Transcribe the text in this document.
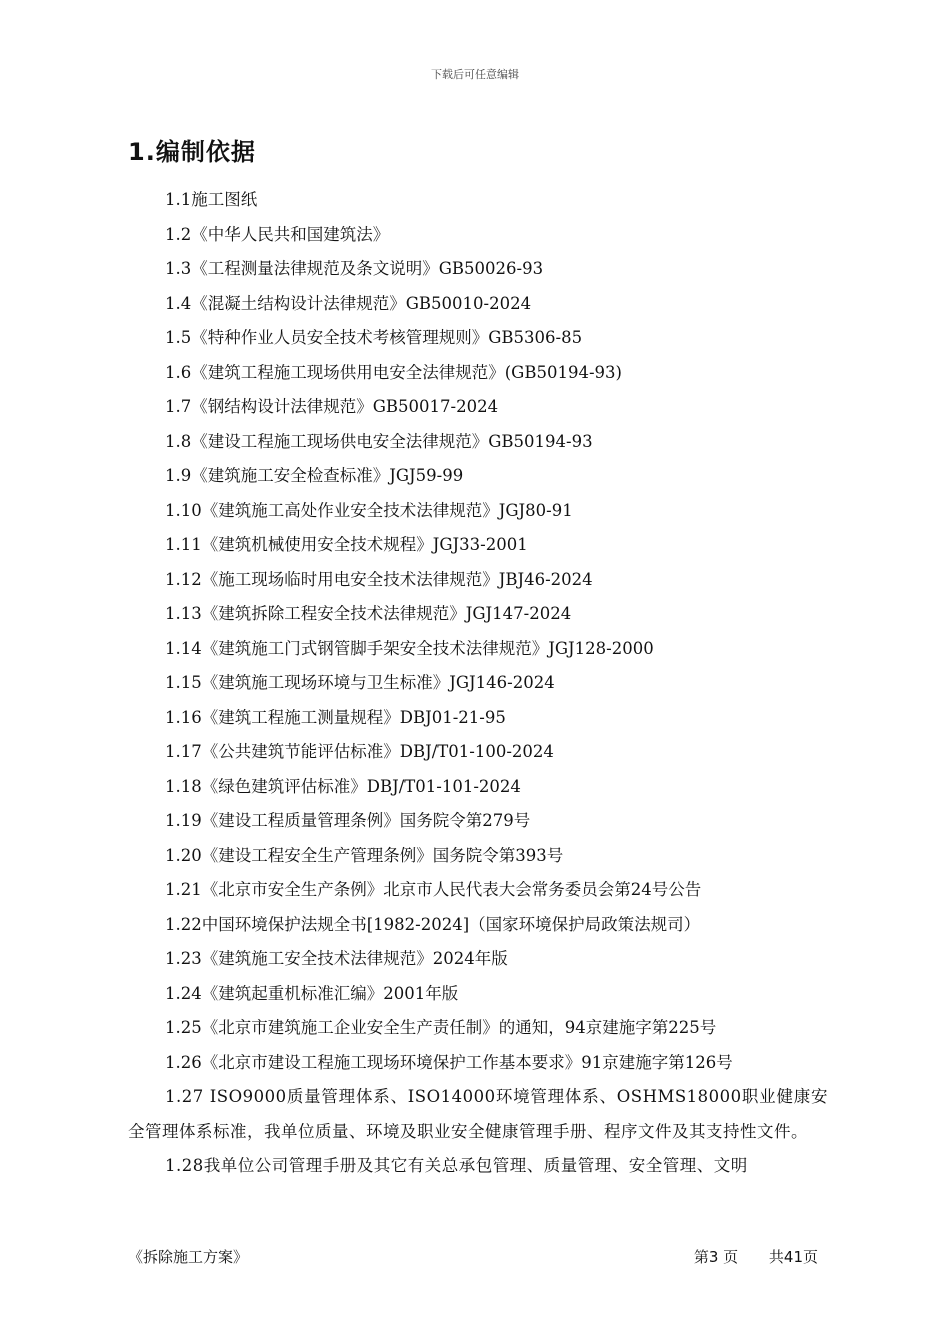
下载后可任意编辑
1.编制依据
1.1施工图纸
1.2《中华人民共和国建筑法》
1.3《工程测量法律规范及条文说明》GB50026-93
1.4《混凝土结构设计法律规范》GB50010-2024
1.5《特种作业人员安全技术考核管理规则》GB5306-85
1.6《建筑工程施工现场供用电安全法律规范》(GB50194-93)
1.7《钢结构设计法律规范》GB50017-2024
1.8《建设工程施工现场供电安全法律规范》GB50194-93
1.9《建筑施工安全检查标准》JGJ59-99
1.10《建筑施工高处作业安全技术法律规范》JGJ80-91
1.11《建筑机械使用安全技术规程》JGJ33-2001
1.12《施工现场临时用电安全技术法律规范》JBJ46-2024
1.13《建筑拆除工程安全技术法律规范》JGJ147-2024
1.14《建筑施工门式钢管脚手架安全技术法律规范》JGJ128-2000
1.15《建筑施工现场环境与卫生标准》JGJ146-2024
1.16《建筑工程施工测量规程》DBJ01-21-95
1.17《公共建筑节能评估标准》DBJ/T01-100-2024
1.18《绿色建筑评估标准》DBJ/T01-101-2024
1.19《建设工程质量管理条例》国务院令第279号
1.20《建设工程安全生产管理条例》国务院令第393号
1.21《北京市安全生产条例》北京市人民代表大会常务委员会第24号公告
1.22中国环境保护法规全书[1982-2024]（国家环境保护局政策法规司）
1.23《建筑施工安全技术法律规范》2024年版
1.24《建筑起重机标准汇编》2001年版
1.25《北京市建筑施工企业安全生产责任制》的通知，94京建施字第225号
1.26《北京市建设工程施工现场环境保护工作基本要求》91京建施字第126号
1.27 ISO9000质量管理体系、ISO14000环境管理体系、OSHMS18000职业健康安全管理体系标准，我单位质量、环境及职业安全健康管理手册、程序文件及其支持性文件。
1.28我单位公司管理手册及其它有关总承包管理、质量管理、安全管理、文明
《拆除施工方案》	第3 页 共41页
